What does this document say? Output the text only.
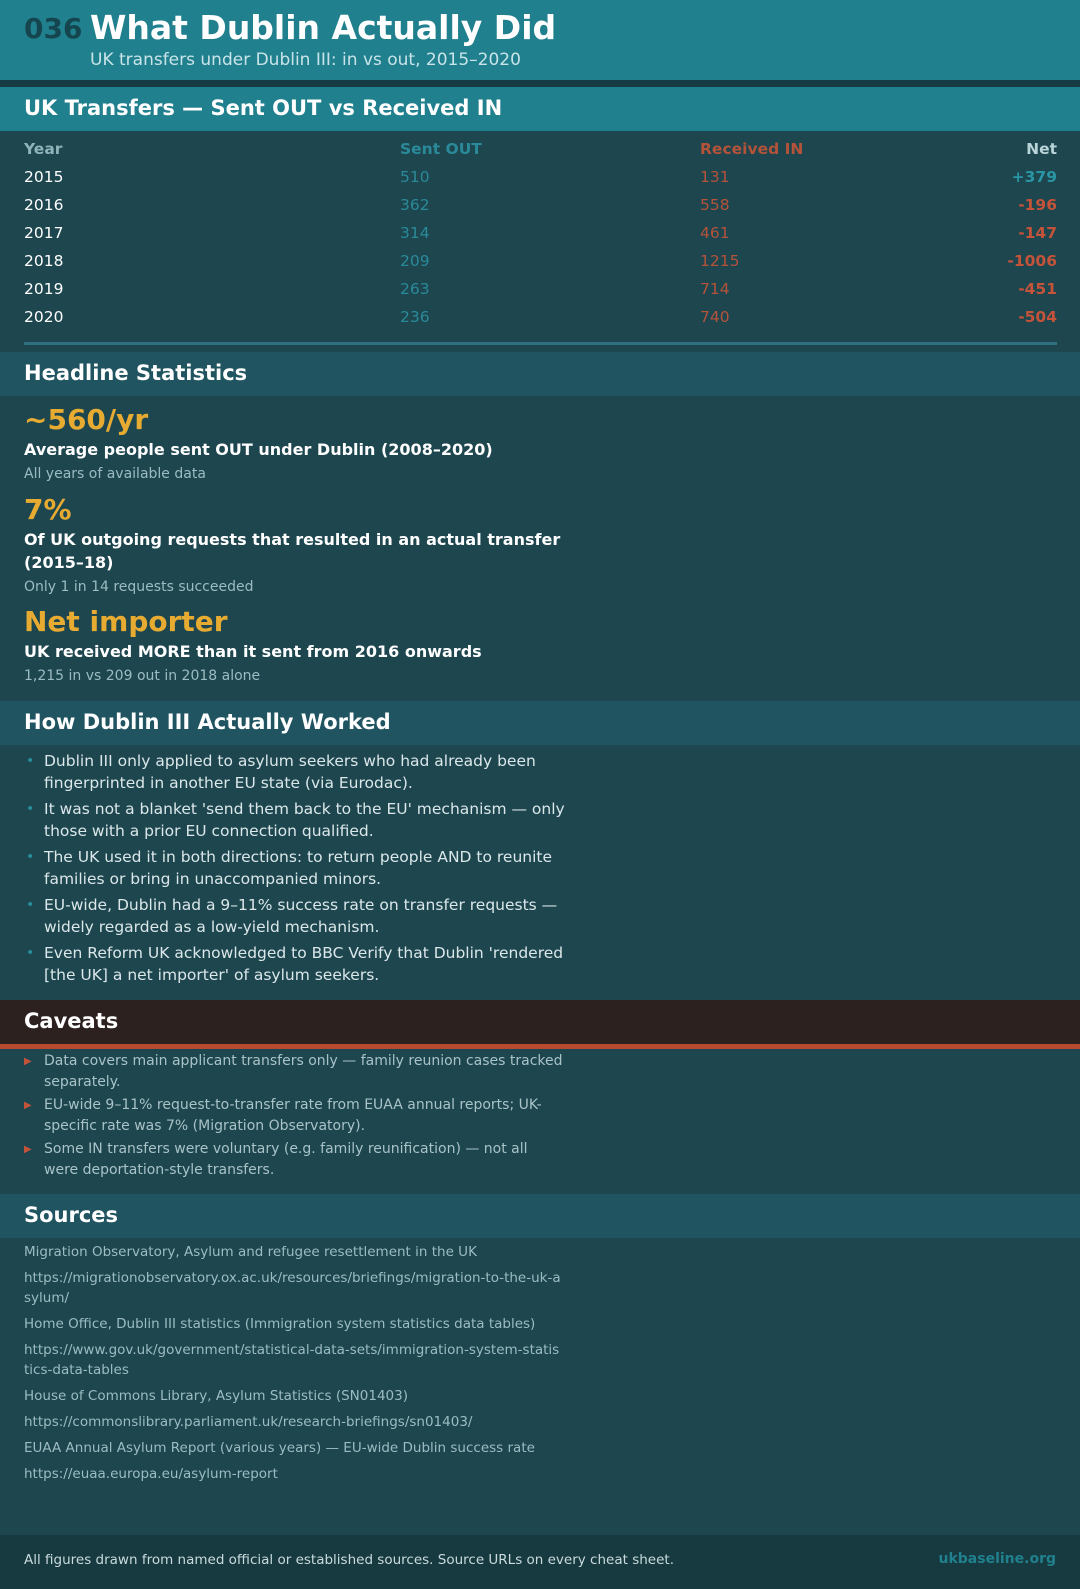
036 What Dublin Actually Did
UK transfers under Dublin III: in vs out, 2015–2020
UK Transfers — Sent OUT vs Received IN
Year	Sent OUT	Received IN	Net
2015	510	131	+379
2016	362	558	-196
2017	314	461	-147
2018	209	1215	-1006
2019	263	714	-451
2020	236	740	-504
Headline Statistics
~560/yr
Average people sent OUT under Dublin (2008–2020)
All years of available data
7%
Of UK outgoing requests that resulted in an actual transfer (2015–18)
Only 1 in 14 requests succeeded
Net importer
UK received MORE than it sent from 2016 onwards
1,215 in vs 209 out in 2018 alone
How Dublin III Actually Worked
• Dublin III only applied to asylum seekers who had already been fingerprinted in another EU state (via Eurodac).
• It was not a blanket 'send them back to the EU' mechanism — only those with a prior EU connection qualified.
• The UK used it in both directions: to return people AND to reunite families or bring in unaccompanied minors.
• EU-wide, Dublin had a 9–11% success rate on transfer requests — widely regarded as a low-yield mechanism.
• Even Reform UK acknowledged to BBC Verify that Dublin 'rendered [the UK] a net importer' of asylum seekers.
Caveats
▶ Data covers main applicant transfers only — family reunion cases tracked separately.
▶ EU-wide 9–11% request-to-transfer rate from EUAA annual reports; UK-specific rate was 7% (Migration Observatory).
▶ Some IN transfers were voluntary (e.g. family reunification) — not all were deportation-style transfers.
Sources
Migration Observatory, Asylum and refugee resettlement in the UK
https://migrationobservatory.ox.ac.uk/resources/briefings/migration-to-the-uk-asylum/
Home Office, Dublin III statistics (Immigration system statistics data tables)
https://www.gov.uk/government/statistical-data-sets/immigration-system-statistics-data-tables
House of Commons Library, Asylum Statistics (SN01403)
https://commonslibrary.parliament.uk/research-briefings/sn01403/
EUAA Annual Asylum Report (various years) — EU-wide Dublin success rate
https://euaa.europa.eu/asylum-report
All figures drawn from named official or established sources. Source URLs on every cheat sheet.	ukbaseline.org
